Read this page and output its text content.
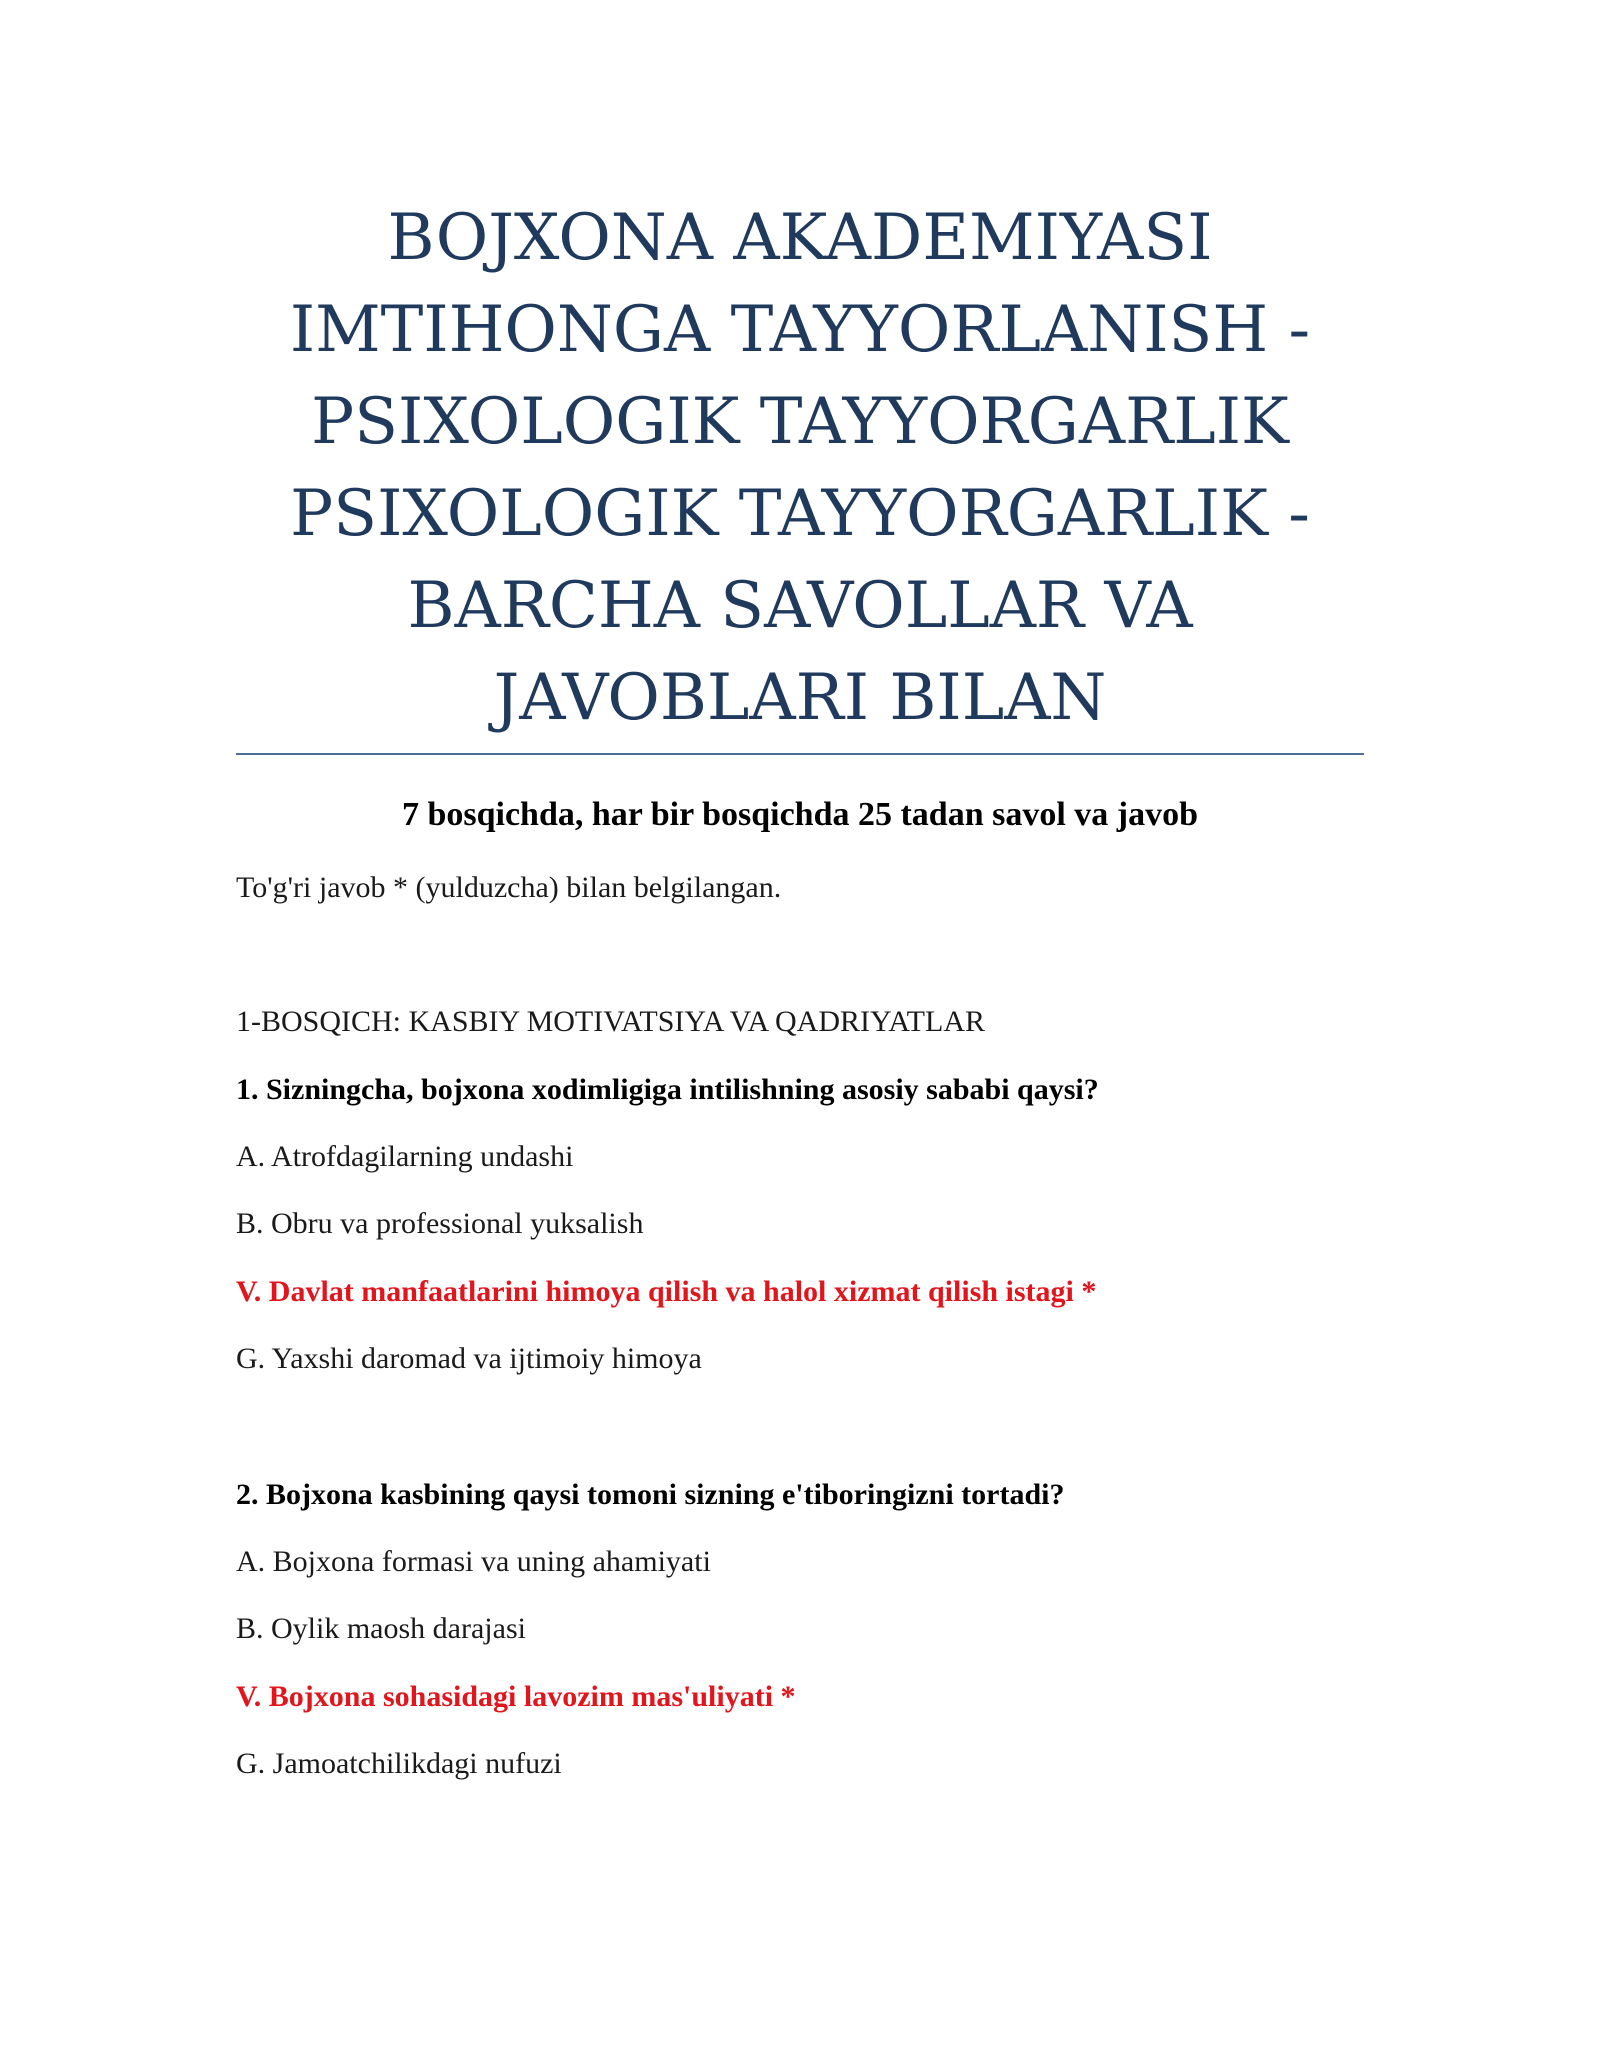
BOJXONA AKADEMIYASI
IMTIHONGA TAYYORLANISH -
PSIXOLOGIK TAYYORGARLIK
PSIXOLOGIK TAYYORGARLIK -
BARCHA SAVOLLAR VA
JAVOBLARI BILAN

7 bosqichda, har bir bosqichda 25 tadan savol va javob

To'g'ri javob * (yulduzcha) bilan belgilangan.

1-BOSQICH: KASBIY MOTIVATSIYA VA QADRIYATLAR

1. Sizningcha, bojxona xodimligiga intilishning asosiy sababi qaysi?

A. Atrofdagilarning undashi

B. Obru va professional yuksalish

V. Davlat manfaatlarini himoya qilish va halol xizmat qilish istagi *

G. Yaxshi daromad va ijtimoiy himoya

2. Bojxona kasbining qaysi tomoni sizning e'tiboringizni tortadi?

A. Bojxona formasi va uning ahamiyati

B. Oylik maosh darajasi

V. Bojxona sohasidagi lavozim mas'uliyati *

G. Jamoatchilikdagi nufuzi
